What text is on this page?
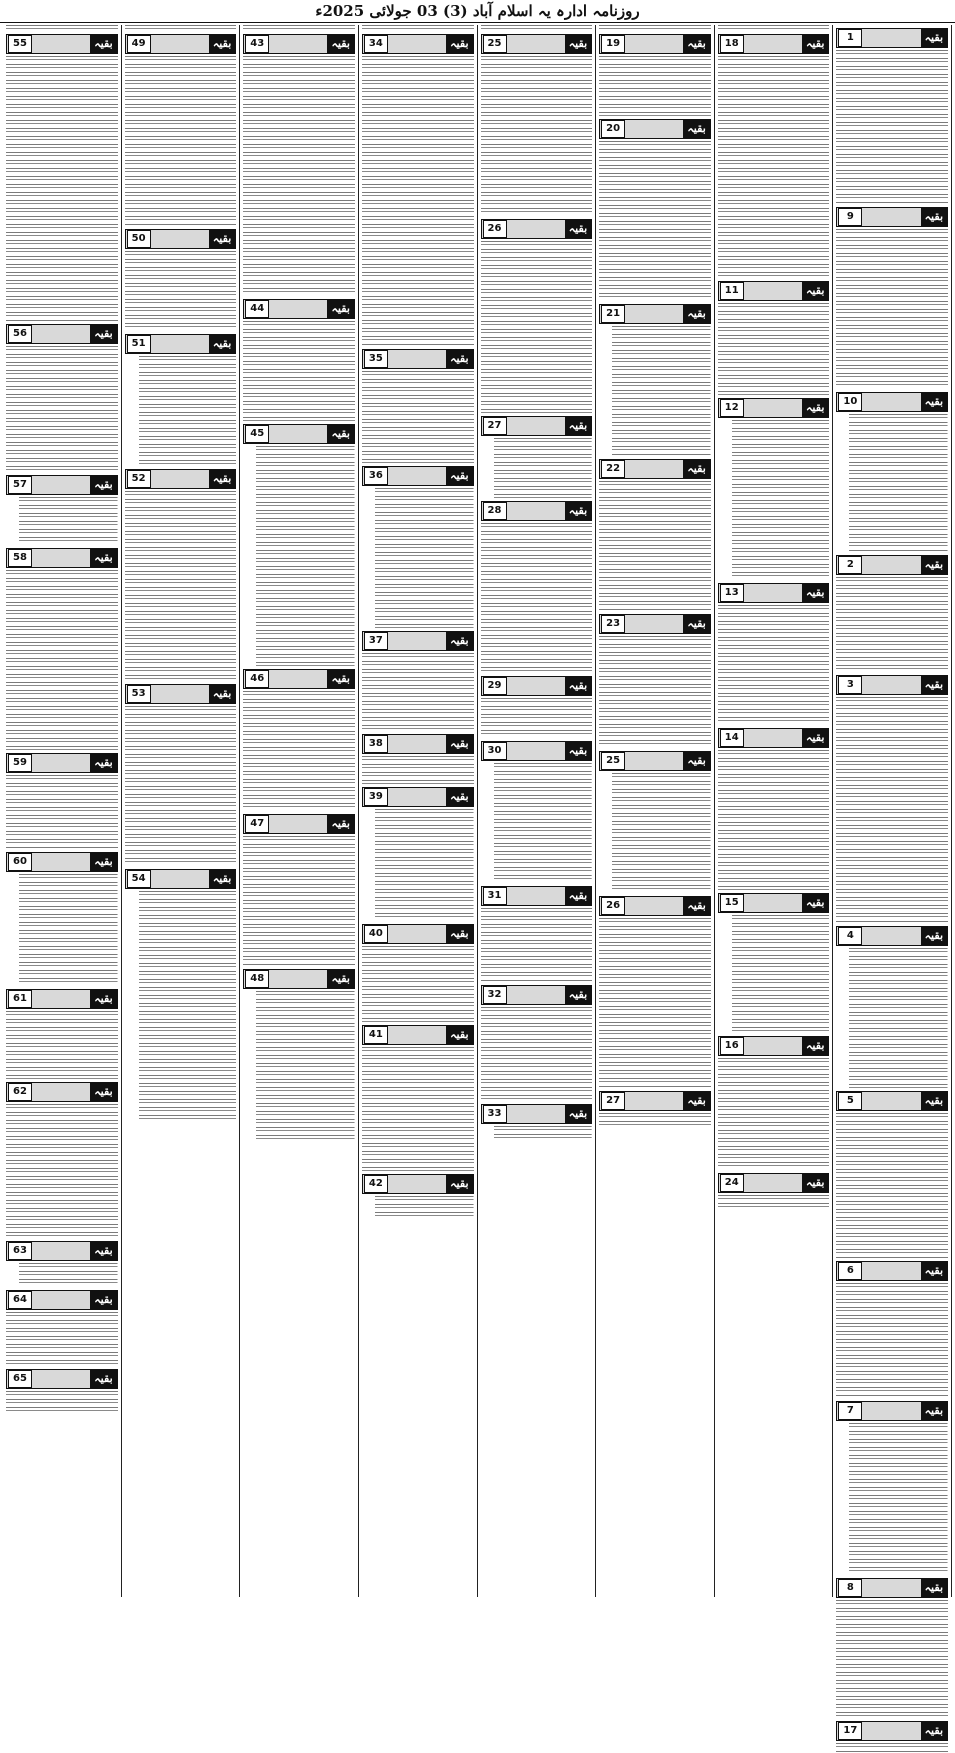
روزنامہ ادارہ یہ اسلام آباد (3) 03 جولائی 2025ء
بقیہ
1
بقیہ
9
بقیہ
10
بقیہ
2
بقیہ
3
بقیہ
4
بقیہ
5
بقیہ
6
بقیہ
7
بقیہ
8
بقیہ
17
بقیہ
18
بقیہ
11
بقیہ
12
بقیہ
13
بقیہ
14
بقیہ
15
بقیہ
16
بقیہ
24
بقیہ
19
بقیہ
20
بقیہ
21
بقیہ
22
بقیہ
23
بقیہ
25
بقیہ
26
بقیہ
27
بقیہ
25
بقیہ
26
بقیہ
27
بقیہ
28
بقیہ
29
بقیہ
30
بقیہ
31
بقیہ
32
بقیہ
33
بقیہ
34
بقیہ
35
بقیہ
36
بقیہ
37
بقیہ
38
بقیہ
39
بقیہ
40
بقیہ
41
بقیہ
42
بقیہ
43
بقیہ
44
بقیہ
45
بقیہ
46
بقیہ
47
بقیہ
48
بقیہ
49
بقیہ
50
بقیہ
51
بقیہ
52
بقیہ
53
بقیہ
54
بقیہ
55
بقیہ
56
بقیہ
57
بقیہ
58
بقیہ
59
بقیہ
60
بقیہ
61
بقیہ
62
بقیہ
63
بقیہ
64
بقیہ
65
